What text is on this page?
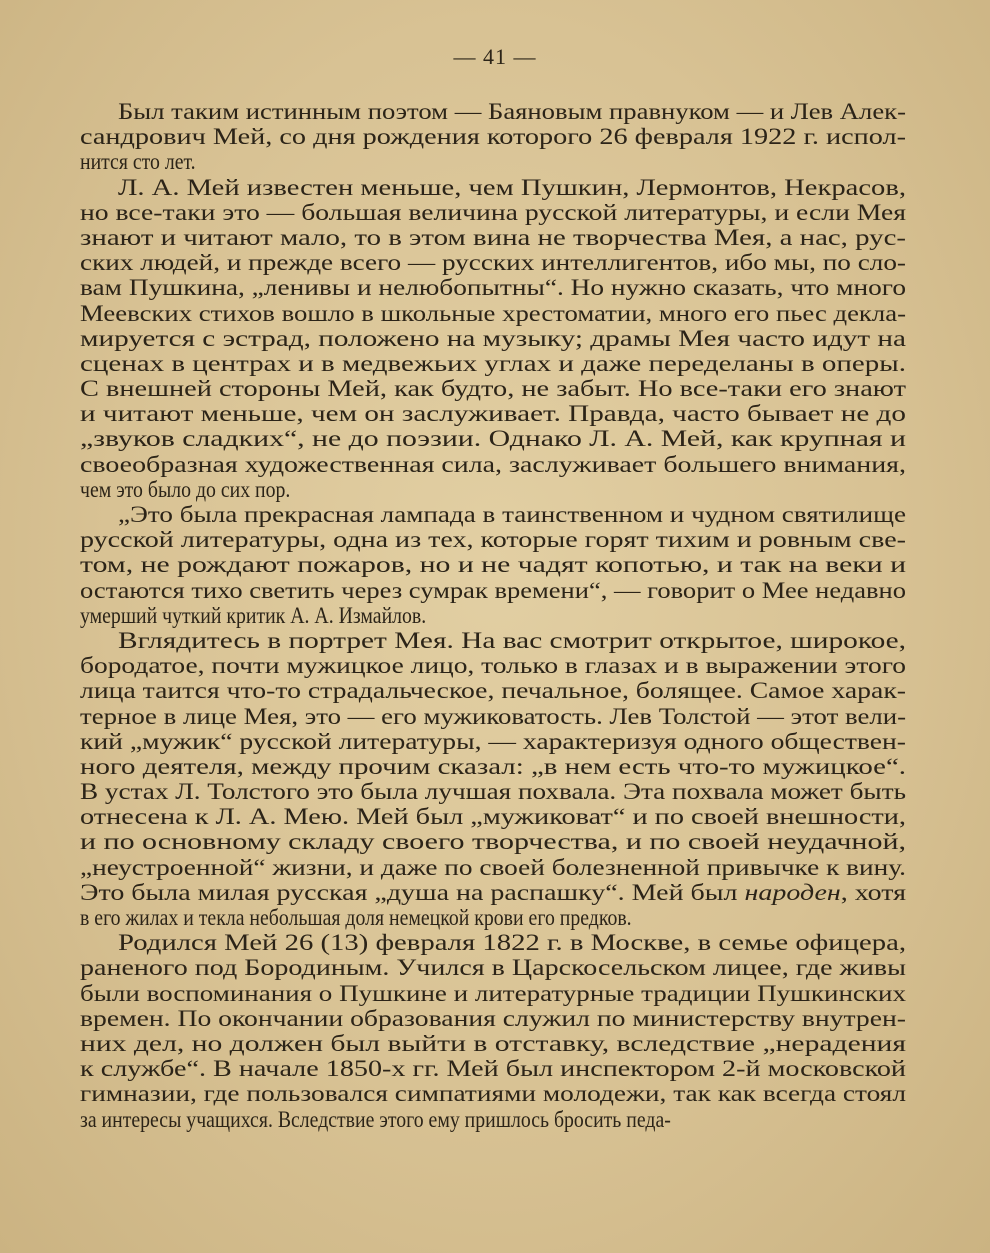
— 41 —
Был таким истинным поэтом — Баяновым правнуком — и Лев Алек-
сандрович Мей, со дня рождения которого 26 февраля 1922 г. испол-
нится сто лет.
Л. А. Мей известен меньше, чем Пушкин, Лермонтов, Некрасов,
но все-таки это — большая величина русской литературы, и если Мея
знают и читают мало, то в этом вина не творчества Мея, а нас, рус-
ских людей, и прежде всего — русских интеллигентов, ибо мы, по сло-
вам Пушкина, „ленивы и нелюбопытны“. Но нужно сказать, что много
Меевских стихов вошло в школьные хрестоматии, много его пьес декла-
мируется с эстрад, положено на музыку; драмы Мея часто идут на
сценах в центрах и в медвежьих углах и даже переделаны в оперы.
С внешней стороны Мей, как будто, не забыт. Но все-таки его знают
и читают меньше, чем он заслуживает. Правда, часто бывает не до
„звуков сладких“, не до поэзии. Однако Л. А. Мей, как крупная и
своеобразная художественная сила, заслуживает большего внимания,
чем это было до сих пор.
„Это была прекрасная лампада в таинственном и чудном святилище
русской литературы, одна из тех, которые горят тихим и ровным све-
том, не рождают пожаров, но и не чадят копотью, и так на веки и
остаются тихо светить через сумрак времени“, — говорит о Мее недавно
умерший чуткий критик А. А. Измайлов.
Вглядитесь в портрет Мея. На вас смотрит открытое, широкое,
бородатое, почти мужицкое лицо, только в глазах и в выражении этого
лица таится что-то страдальческое, печальное, болящее. Самое харак-
терное в лице Мея, это — его мужиковатость. Лев Толстой — этот вели-
кий „мужик“ русской литературы, — характеризуя одного обществен-
ного деятеля, между прочим сказал: „в нем есть что-то мужицкое“.
В устах Л. Толстого это была лучшая похвала. Эта похвала может быть
отнесена к Л. А. Мею. Мей был „мужиковат“ и по своей внешности,
и по основному складу своего творчества, и по своей неудачной,
„неустроенной“ жизни, и даже по своей болезненной привычке к вину.
Это была милая русская „душа на распашку“. Мей был народен, хотя
в его жилах и текла небольшая доля немецкой крови его предков.
Родился Мей 26 (13) февраля 1822 г. в Москве, в семье офицера,
раненого под Бородиным. Учился в Царскосельском лицее, где живы
были воспоминания о Пушкине и литературные традиции Пушкинских
времен. По окончании образования служил по министерству внутрен-
них дел, но должен был выйти в отставку, вследствие „нерадения
к службе“. В начале 1850-х гг. Мей был инспектором 2-й московской
гимназии, где пользовался симпатиями молодежи, так как всегда стоял
за интересы учащихся. Вследствие этого ему пришлось бросить педа-
